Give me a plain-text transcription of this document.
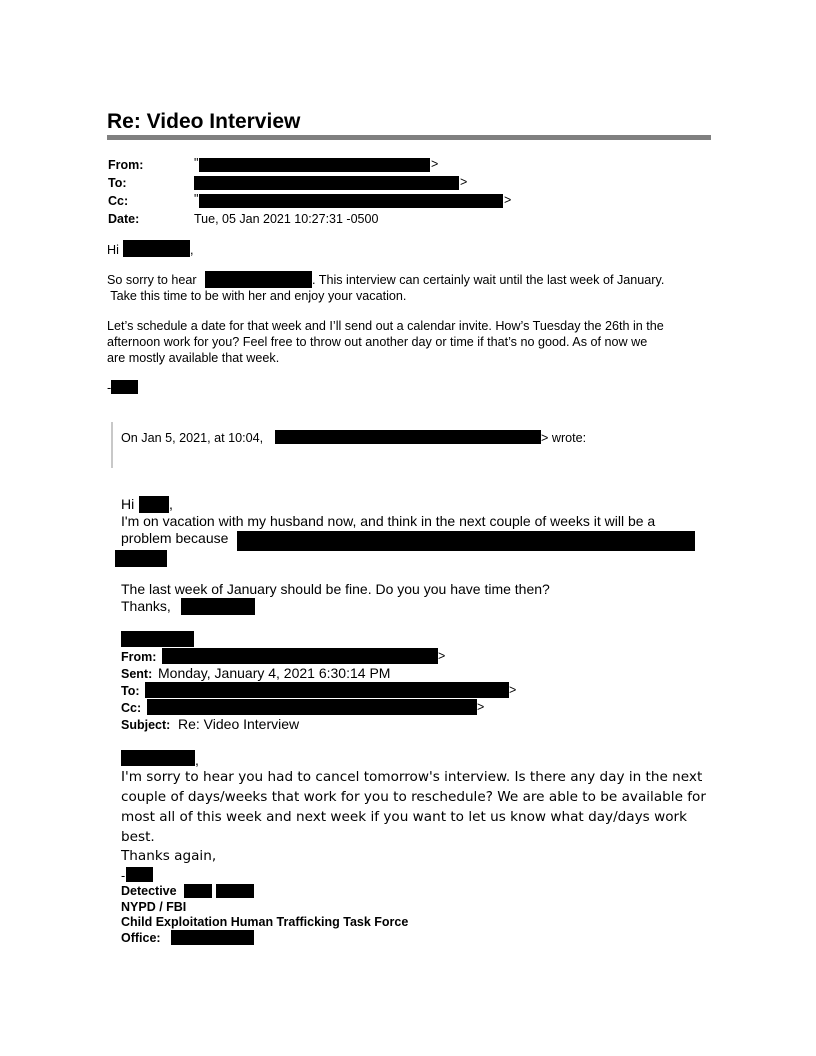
Re: Video Interview
From:	"	>
To:	>
Cc:	"	>
Date:	Tue, 05 Jan 2021 10:27:31 -0500
Hi	,
So sorry to hear	. This interview can certainly wait until the last week of January.
Take this time to be with her and enjoy your vacation.
Let’s schedule a date for that week and I’ll send out a calendar invite. How’s Tuesday the 26th in the
afternoon work for you? Feel free to throw out another day or time if that’s no good. As of now we
are mostly available that week.
-
On Jan 5, 2021, at 10:04,	> wrote:
Hi ,
I'm on vacation with my husband now, and think in the next couple of weeks it will be a
problem because
The last week of January should be fine. Do you you have time then?
Thanks,
From:	>
Sent: Monday, January 4, 2021 6:30:14 PM
To:	>
Cc:	>
Subject: Re: Video Interview
,
I'm sorry to hear you had to cancel tomorrow's interview. Is there any day in the next
couple of days/weeks that work for you to reschedule? We are able to be available for
most all of this week and next week if you want to let us know what day/days work
best.
Thanks again,
-
Detective
NYPD / FBI
Child Exploitation Human Trafficking Task Force
Office:
